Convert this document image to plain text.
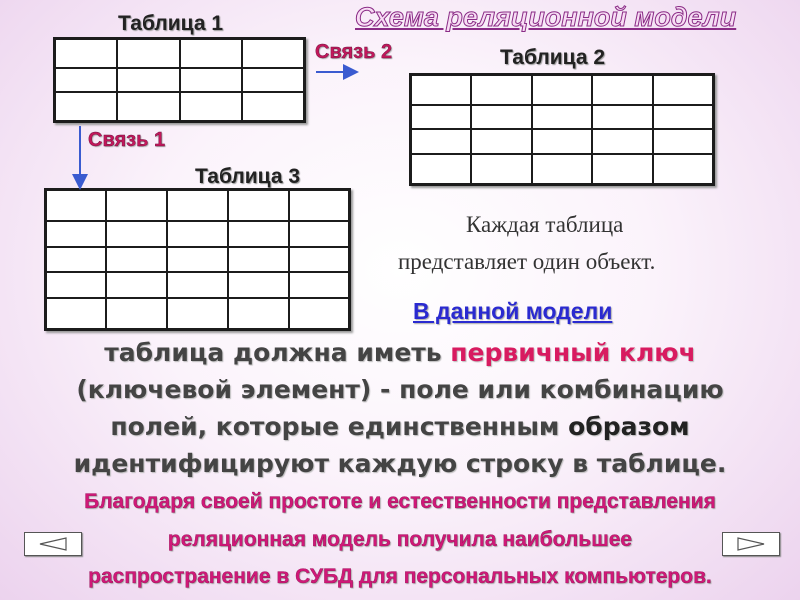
Схема реляционной модели
Таблица 1

Связь 2	Таблица 2

Связь 1
Таблица 3

Каждая таблица
представляет один объект.
В данной модели
таблица должна иметь первичный ключ
(ключевой элемент) - поле или комбинацию
полей, которые единственным образом
идентифицируют каждую строку в таблице.
Благодаря своей простоте и естественности представления
реляционная модель получила наибольшее
распространение в СУБД для персональных компьютеров.
